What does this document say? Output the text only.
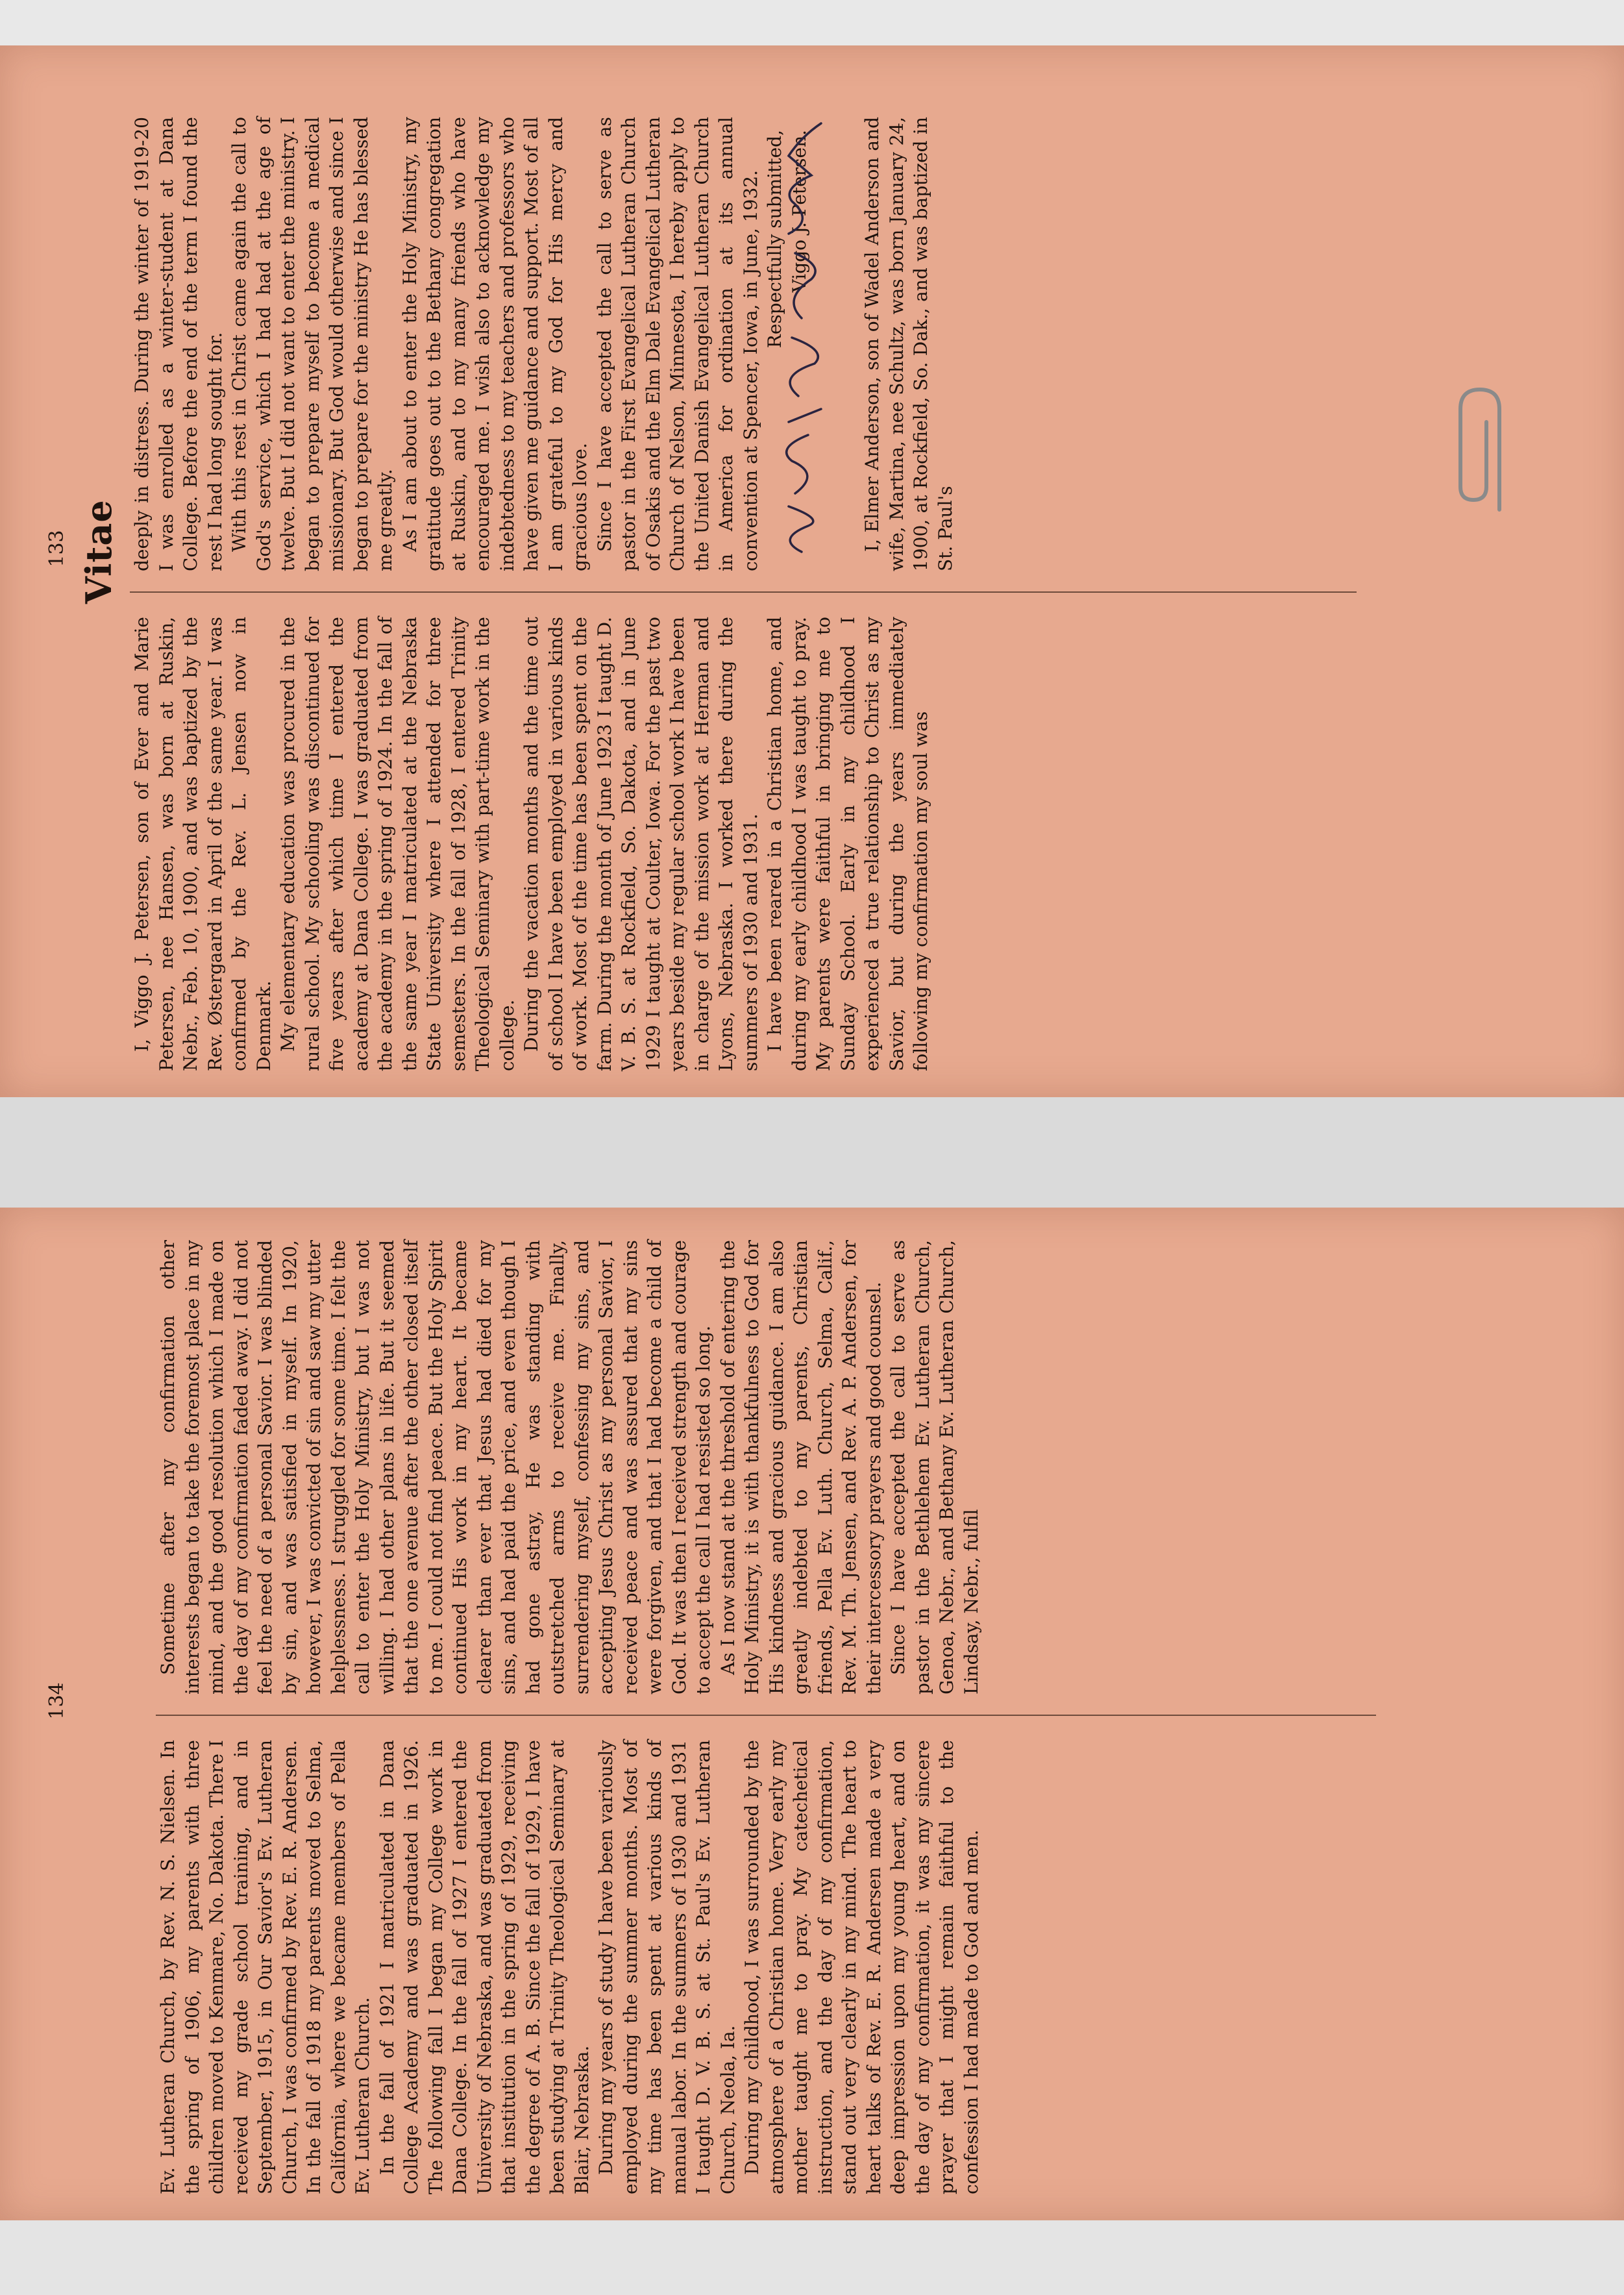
133 Vitae

I, Viggo J. Petersen, son of Ever and Marie Petersen, nee Hansen, was born at Ruskin, Nebr., Feb. 10, 1900, and was baptized by the Rev. Østergaard in April of the same year. I was confirmed by the Rev. L. Jensen now in Denmark. My elementary education was procured in the rural school. My schooling was discontinued for five years after which time I entered the academy at Dana College. I was graduated from the academy in the spring of 1924. In the fall of the same year I matriculated at the Nebraska State University where I attended for three semesters. In the fall of 1928, I entered Trinity Theological Seminary with part-time work in the college. During the vacation months and the time out of school I have been employed in various kinds of work. Most of the time has been spent on the farm. During the month of June 1923 I taught D. V. B. S. at Rockfield, So. Dakota, and in June 1929 I taught at Coulter, Iowa. For the past two years beside my regular school work I have been in charge of the mission work at Herman and Lyons, Nebraska. I worked there during the summers of 1930 and 1931. I have been reared in a Christian home, and during my early childhood I was taught to pray. My parents were faithful in bringing me to Sunday School. Early in my childhood I experienced a true relationship to Christ as my Savior, but during the years immediately following my confirmation my soul was

deeply in distress. During the winter of 1919-20 I was enrolled as a winter-student at Dana College. Before the end of the term I found the rest I had long sought for. With this rest in Christ came again the call to God's service, which I had had at the age of twelve. But I did not want to enter the ministry. I began to prepare myself to become a medical missionary. But God would otherwise and since I began to prepare for the ministry He has blessed me greatly. As I am about to enter the Holy Ministry, my gratitude goes out to the Bethany congregation at Ruskin, and to my many friends who have encouraged me. I wish also to acknowledge my indebtedness to my teachers and professors who have given me guidance and support. Most of all I am grateful to my God for His mercy and gracious love. Since I have accepted the call to serve as pastor in the First Evangelical Lutheran Church of Osakis and the Elm Dale Evangelical Lutheran Church of Nelson, Minnesota, I hereby apply to the United Danish Evangelical Lutheran Church in America for ordination at its annual convention at Spencer, Iowa, in June, 1932. Respectfully submitted, Viggo J. Petersen.	I, Elmer Anderson, son of Wadel Anderson and wife, Martina, nee Schultz, was born January 24, 1900, at Rockfield, So. Dak., and was baptized in St. Paul's

134

Ev. Lutheran Church, by Rev. N. S. Nielsen. In the spring of 1906, my parents with three children moved to Kenmare, No. Dakota. There I received my grade school training, and in September, 1915, in Our Savior's Ev. Lutheran Church, I was confirmed by Rev. E. R. Andersen. In the fall of 1918 my parents moved to Selma, California, where we became members of Pella Ev. Lutheran Church. In the fall of 1921 I matriculated in Dana College Academy and was graduated in 1926. The following fall I began my College work in Dana College. In the fall of 1927 I entered the University of Nebraska, and was graduated from that institution in the spring of 1929, receiving the degree of A. B. Since the fall of 1929, I have been studying at Trinity Theological Seminary at Blair, Nebraska. During my years of study I have been variously employed during the summer months. Most of my time has been spent at various kinds of manual labor. In the summers of 1930 and 1931 I taught D. V. B. S. at St. Paul's Ev. Lutheran Church, Neola, Ia. During my childhood, I was surrounded by the atmosphere of a Christian home. Very early my mother taught me to pray. My catechetical instruction, and the day of my confirmation, stand out very clearly in my mind. The heart to heart talks of Rev. E. R. Andersen made a very deep impression upon my young heart, and on the day of my confirmation, it was my sincere prayer that I might remain faithful to the confession I had made to God and men.

Sometime after my confirmation other interests began to take the foremost place in my mind, and the good resolution which I made on the day of my confirmation faded away. I did not feel the need of a personal Savior. I was blinded by sin, and was satisfied in myself. In 1920, however, I was convicted of sin and saw my utter helplessness. I struggled for some time. I felt the call to enter the Holy Ministry, but I was not willing. I had other plans in life. But it seemed that the one avenue after the other closed itself to me. I could not find peace. But the Holy Spirit continued His work in my heart. It became clearer than ever that Jesus had died for my sins, and had paid the price, and even though I had gone astray, He was standing with outstretched arms to receive me. Finally, surrendering myself, confessing my sins, and accepting Jesus Christ as my personal Savior, I received peace and was assured that my sins were forgiven, and that I had become a child of God. It was then I received strength and courage to accept the call I had resisted so long. As I now stand at the threshold of entering the Holy Ministry, it is with thankfulness to God for His kindness and gracious guidance. I am also greatly indebted to my parents, Christian friends, Pella Ev. Luth. Church, Selma, Calif., Rev. M. Th. Jensen, and Rev. A. P. Andersen, for their intercessory prayers and good counsel. Since I have accepted the call to serve as pastor in the Bethlehem Ev. Lutheran Church, Genoa, Nebr., and Bethany Ev. Lutheran Church, Lindsay, Nebr., fulfil
